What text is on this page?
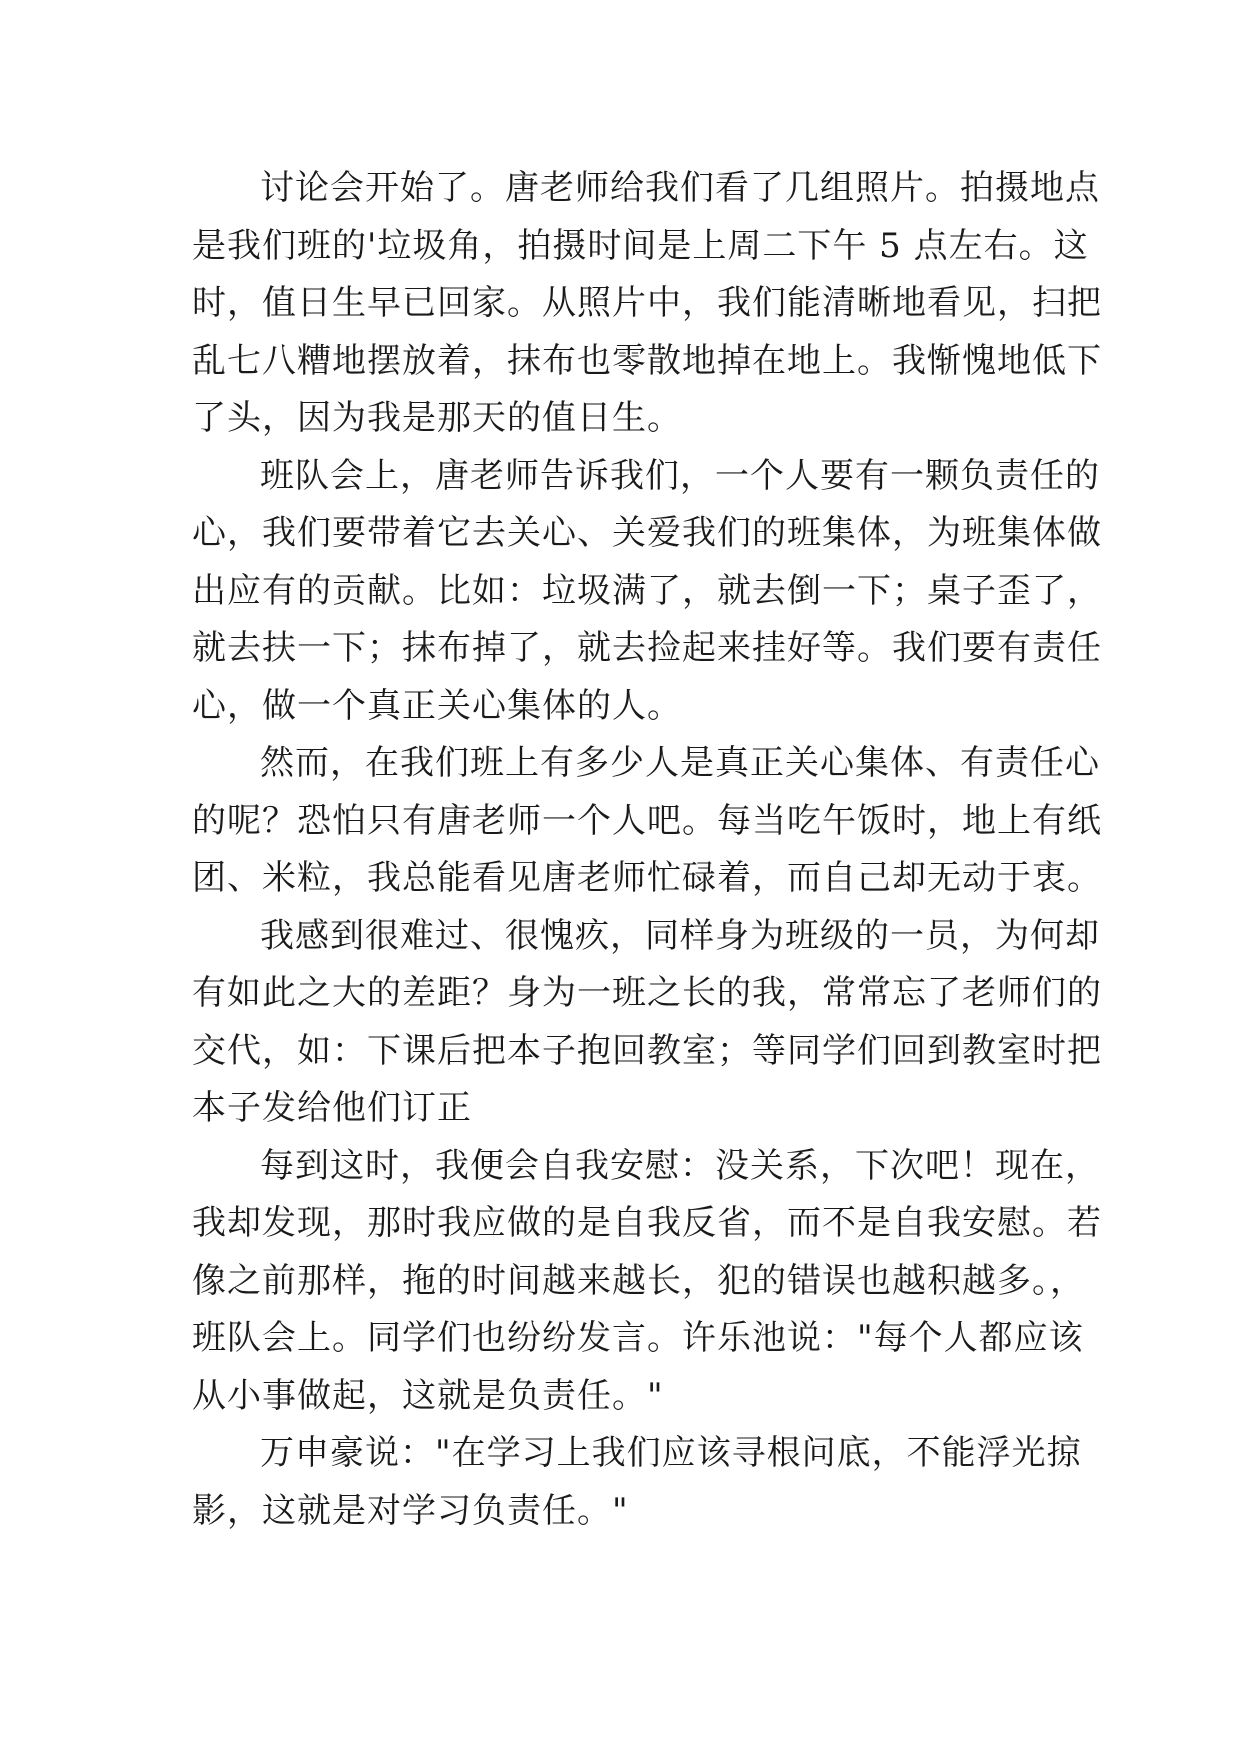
讨论会开始了。唐老师给我们看了几组照片。拍摄地点
是我们班的'垃圾角，拍摄时间是上周二下午 5 点左右。这
时，值日生早已回家。从照片中，我们能清晰地看见，扫把
乱七八糟地摆放着，抹布也零散地掉在地上。我惭愧地低下
了头，因为我是那天的值日生。

班队会上，唐老师告诉我们，一个人要有一颗负责任的
心，我们要带着它去关心、关爱我们的班集体，为班集体做
出应有的贡献。比如：垃圾满了，就去倒一下；桌子歪了，
就去扶一下；抹布掉了，就去捡起来挂好等。我们要有责任
心，做一个真正关心集体的人。

然而，在我们班上有多少人是真正关心集体、有责任心
的呢？恐怕只有唐老师一个人吧。每当吃午饭时，地上有纸
团、米粒，我总能看见唐老师忙碌着，而自己却无动于衷。

我感到很难过、很愧疚，同样身为班级的一员，为何却
有如此之大的差距？身为一班之长的我，常常忘了老师们的
交代，如：下课后把本子抱回教室；等同学们回到教室时把
本子发给他们订正

每到这时，我便会自我安慰：没关系，下次吧！现在，
我却发现，那时我应做的是自我反省，而不是自我安慰。若
像之前那样，拖的时间越来越长，犯的错误也越积越多。，
班队会上。同学们也纷纷发言。许乐池说："每个人都应该
从小事做起，这就是负责任。"

万申豪说："在学习上我们应该寻根问底，不能浮光掠
影，这就是对学习负责任。"
